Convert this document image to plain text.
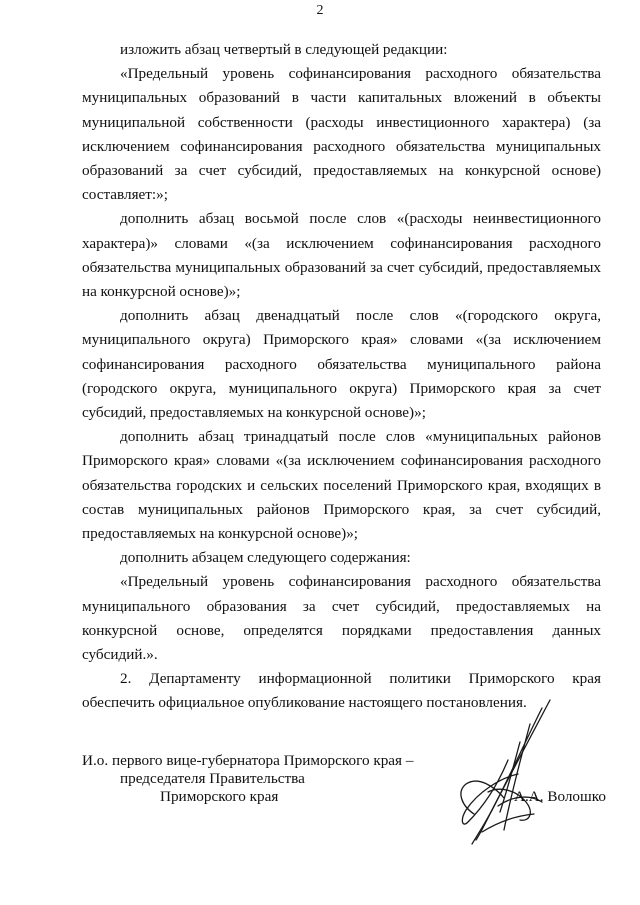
2

изложить абзац четвертый в следующей редакции:

«Предельный уровень софинансирования расходного обязательства муниципальных образований в части капитальных вложений в объекты муниципальной собственности (расходы инвестиционного характера) (за исключением софинансирования расходного обязательства муниципальных образований за счет субсидий, предоставляемых на конкурсной основе) составляет:»;

дополнить абзац восьмой после слов «(расходы неинвестиционного характера)» словами «(за исключением софинансирования расходного обязательства муниципальных образований за счет субсидий, предоставляемых на конкурсной основе)»;

дополнить абзац двенадцатый после слов «(городского округа, муниципального округа) Приморского края» словами «(за исключением софинансирования расходного обязательства муниципального района (городского округа, муниципального округа) Приморского края за счет субсидий, предоставляемых на конкурсной основе)»;

дополнить абзац тринадцатый после слов «муниципальных районов Приморского края» словами «(за исключением софинансирования расходного обязательства городских и сельских поселений Приморского края, входящих в состав муниципальных районов Приморского края, за счет субсидий, предоставляемых на конкурсной основе)»;

дополнить абзацем следующего содержания:

«Предельный уровень софинансирования расходного обязательства муниципального образования за счет субсидий, предоставляемых на конкурсной основе, определятся порядками предоставления данных субсидий.».

2. Департаменту информационной политики Приморского края обеспечить официальное опубликование настоящего постановления.

И.о. первого вице-губернатора Приморского края –
председателя Правительства
Приморского края	А.А. Волошко
